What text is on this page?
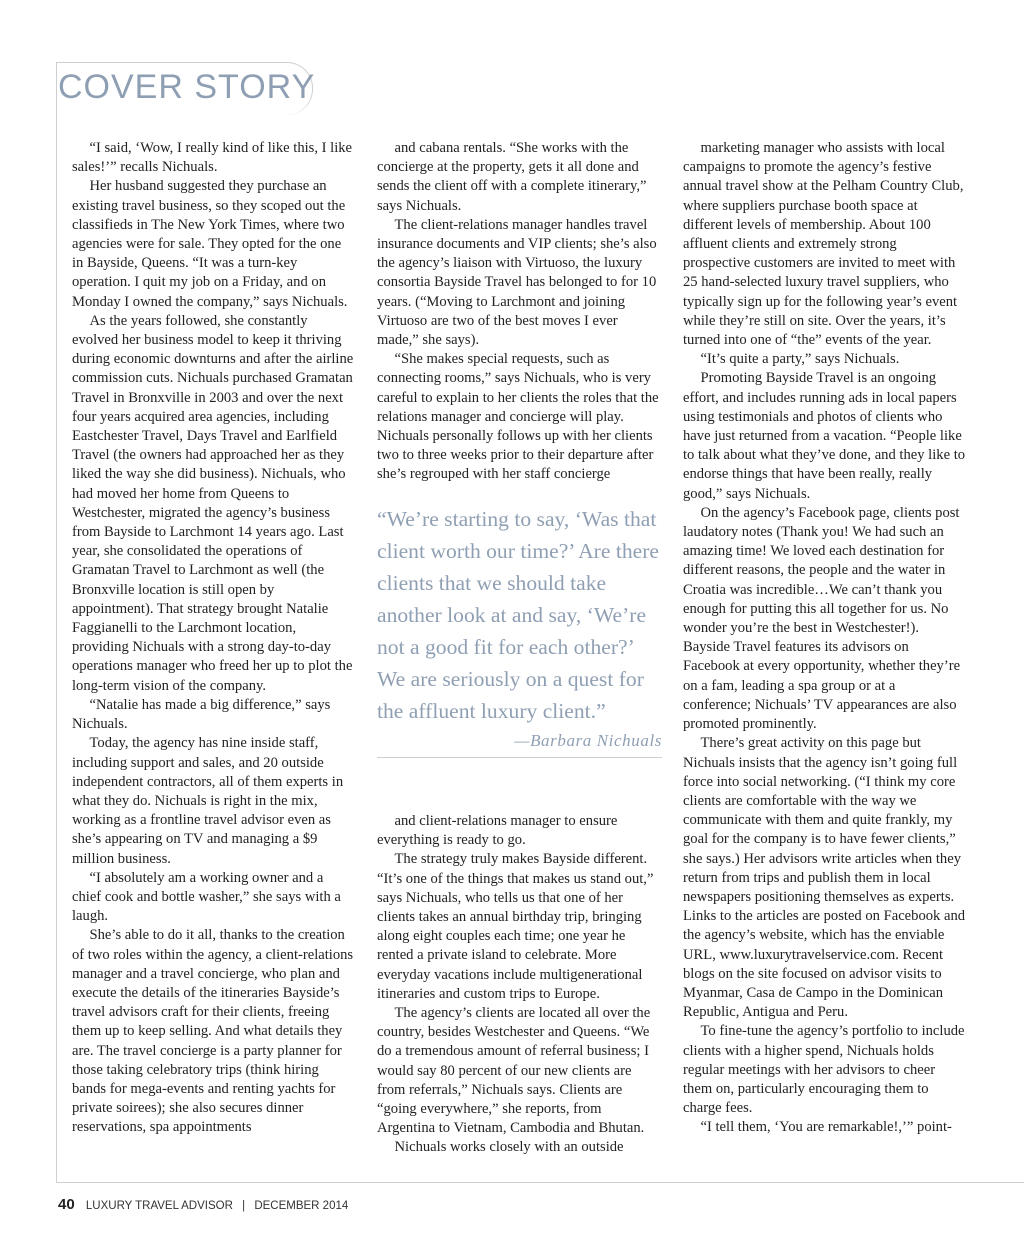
COVER STORY

“I said, ‘Wow, I really kind of like this, I like sales!’” recalls Nichuals.

Her husband suggested they purchase an existing travel business, so they scoped out the classifieds in The New York Times, where two agencies were for sale. They opted for the one in Bayside, Queens. “It was a turn-key operation. I quit my job on a Friday, and on Monday I owned the company,” says Nichuals.

As the years followed, she constantly evolved her business model to keep it thriving during economic downturns and after the airline commission cuts. Nichuals purchased Gramatan Travel in Bronxville in 2003 and over the next four years acquired area agencies, including Eastchester Travel, Days Travel and Earlfield Travel (the owners had approached her as they liked the way she did business). Nichuals, who had moved her home from Queens to Westchester, migrated the agency’s business from Bayside to Larchmont 14 years ago. Last year, she consolidated the operations of Gramatan Travel to Larchmont as well (the Bronxville location is still open by appointment). That strategy brought Natalie Faggianelli to the Larchmont location, providing Nichuals with a strong day-to-day operations manager who freed her up to plot the long-term vision of the company.

“Natalie has made a big difference,” says Nichuals.

Today, the agency has nine inside staff, including support and sales, and 20 outside independent contractors, all of them experts in what they do. Nichuals is right in the mix, working as a frontline travel advisor even as she’s appearing on TV and managing a $9 million business.

“I absolutely am a working owner and a chief cook and bottle washer,” she says with a laugh.

She’s able to do it all, thanks to the creation of two roles within the agency, a client-relations manager and a travel concierge, who plan and execute the details of the itineraries Bayside’s travel advisors craft for their clients, freeing them up to keep selling. And what details they are. The travel concierge is a party planner for those taking celebratory trips (think hiring bands for mega-events and renting yachts for private soirees); she also secures dinner reservations, spa appointments

and cabana rentals. “She works with the concierge at the property, gets it all done and sends the client off with a complete itinerary,” says Nichuals.

The client-relations manager handles travel insurance documents and VIP clients; she’s also the agency’s liaison with Virtuoso, the luxury consortia Bayside Travel has belonged to for 10 years. (“Moving to Larchmont and joining Virtuoso are two of the best moves I ever made,” she says).

“She makes special requests, such as connecting rooms,” says Nichuals, who is very careful to explain to her clients the roles that the relations manager and concierge will play. Nichuals personally follows up with her clients two to three weeks prior to their departure after she’s regrouped with her staff concierge

“We’re starting to say, ‘Was that client worth our time?’ Are there clients that we should take another look at and say, ‘We’re not a good fit for each other?’ We are seriously on a quest for the affluent luxury client.”

—Barbara Nichuals

and client-relations manager to ensure everything is ready to go.

The strategy truly makes Bayside different. “It’s one of the things that makes us stand out,” says Nichuals, who tells us that one of her clients takes an annual birthday trip, bringing along eight couples each time; one year he rented a private island to celebrate. More everyday vacations include multigenerational itineraries and custom trips to Europe.

The agency’s clients are located all over the country, besides Westchester and Queens. “We do a tremendous amount of referral business; I would say 80 percent of our new clients are from referrals,” Nichuals says. Clients are “going everywhere,” she reports, from Argentina to Vietnam, Cambodia and Bhutan.

Nichuals works closely with an outside

marketing manager who assists with local campaigns to promote the agency’s festive annual travel show at the Pelham Country Club, where suppliers purchase booth space at different levels of membership. About 100 affluent clients and extremely strong prospective customers are invited to meet with 25 hand-selected luxury travel suppliers, who typically sign up for the following year’s event while they’re still on site. Over the years, it’s turned into one of “the” events of the year.

“It’s quite a party,” says Nichuals.

Promoting Bayside Travel is an ongoing effort, and includes running ads in local papers using testimonials and photos of clients who have just returned from a vacation. “People like to talk about what they’ve done, and they like to endorse things that have been really, really good,” says Nichuals.

On the agency’s Facebook page, clients post laudatory notes (Thank you! We had such an amazing time! We loved each destination for different reasons, the people and the water in Croatia was incredible…We can’t thank you enough for putting this all together for us. No wonder you’re the best in Westchester!). Bayside Travel features its advisors on Facebook at every opportunity, whether they’re on a fam, leading a spa group or at a conference; Nichuals’ TV appearances are also promoted prominently.

There’s great activity on this page but Nichuals insists that the agency isn’t going full force into social networking. (“I think my core clients are comfortable with the way we communicate with them and quite frankly, my goal for the company is to have fewer clients,” she says.) Her advisors write articles when they return from trips and publish them in local newspapers positioning themselves as experts. Links to the articles are posted on Facebook and the agency’s website, which has the enviable URL, www.luxurytravelservice.com. Recent blogs on the site focused on advisor visits to Myanmar, Casa de Campo in the Dominican Republic, Antigua and Peru.

To fine-tune the agency’s portfolio to include clients with a higher spend, Nichuals holds regular meetings with her advisors to cheer them on, particularly encouraging them to charge fees.

“I tell them, ‘You are remarkable!,’” point-

40 LUXURY TRAVEL ADVISOR | DECEMBER 2014
